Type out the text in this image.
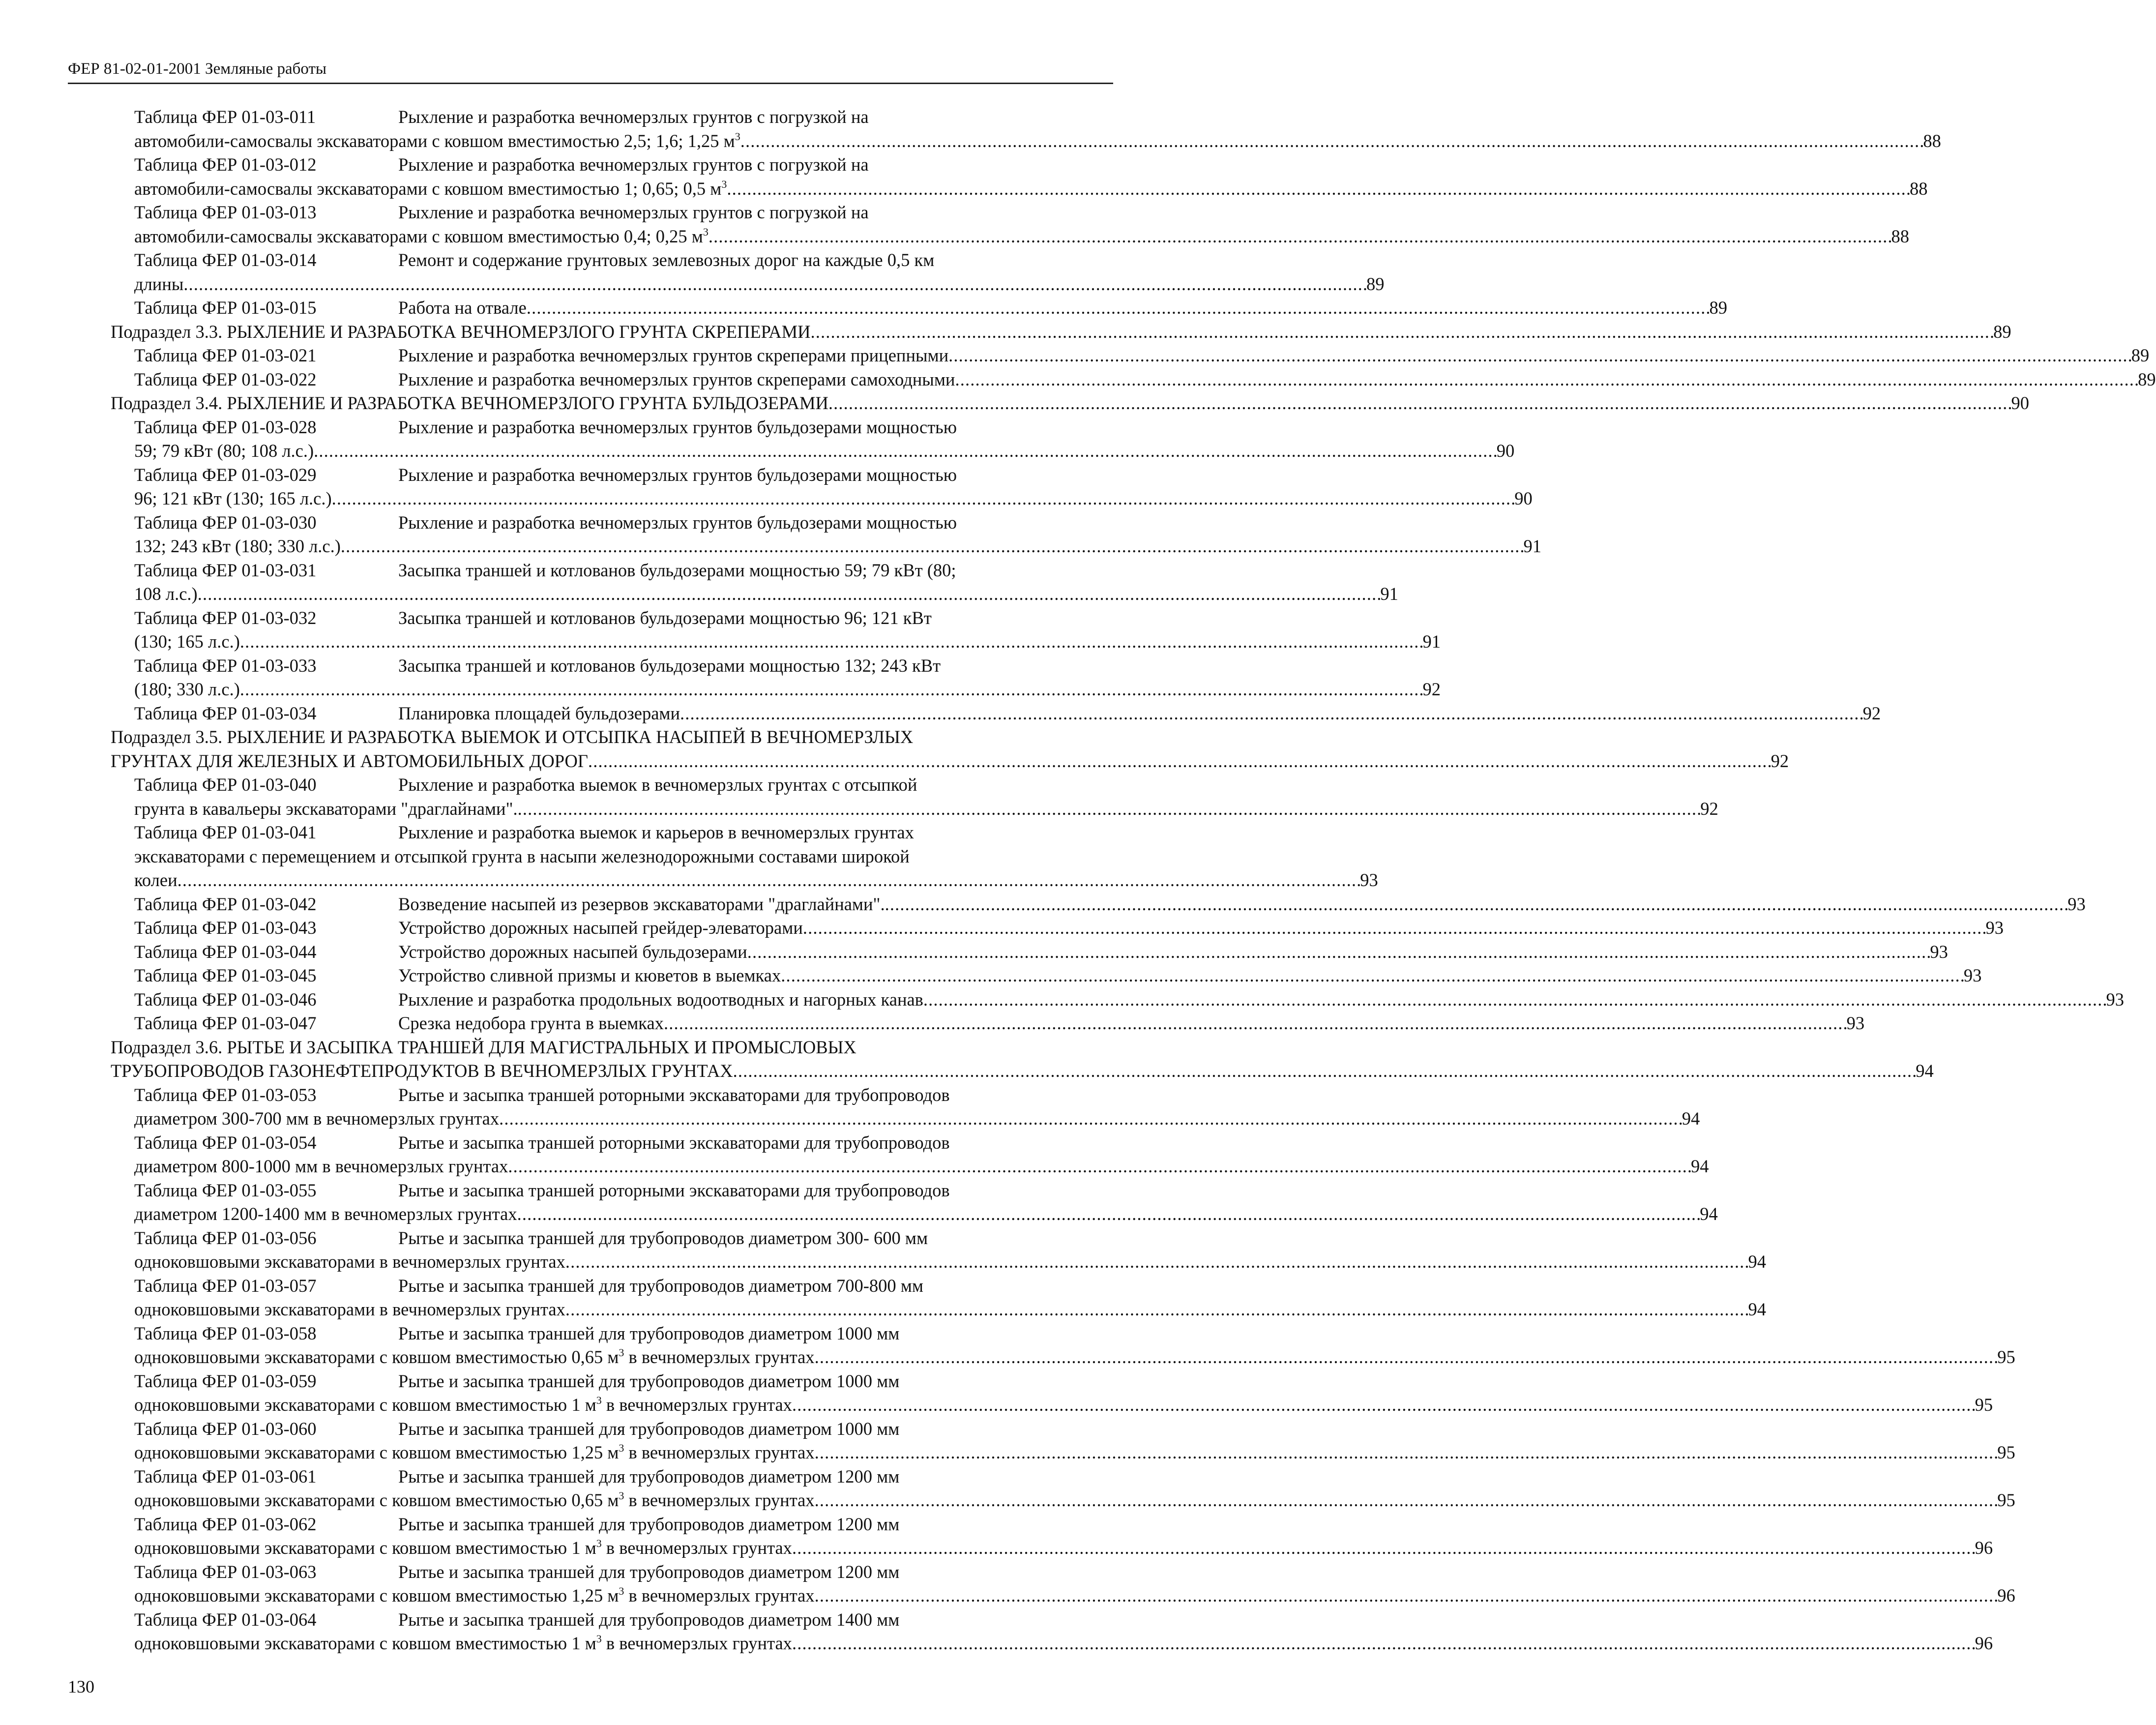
ФЕР 81-02-01-2001 Земляные работы
Таблица ФЕР 01-03-011	Рыхление и разработка вечномерзлых грунтов с погрузкой на
автомобили-самосвалы экскаваторами с ковшом вместимостью 2,5; 1,6; 1,25 $м^3$ . . .	88
Таблица ФЕР 01-03-012	Рыхление и разработка вечномерзлых грунтов с погрузкой на
автомобили-самосвалы экскаваторами с ковшом вместимостью 1; 0,65; 0,5 $м^3$ . . .	88
Таблица ФЕР 01-03-013	Рыхление и разработка вечномерзлых грунтов с погрузкой на
автомобили-самосвалы экскаваторами с ковшом вместимостью 0,4; 0,25 $м^3$ . . .	88
Таблица ФЕР 01-03-014	Ремонт и содержание грунтовых землевозных дорог на каждые 0,5 км
длины . . .	89
Таблица ФЕР 01-03-015	Работа на отвале . . .	89
Подраздел 3.3. РЫХЛЕНИЕ И РАЗРАБОТКА ВЕЧНОМЕРЗЛОГО ГРУНТА СКРЕПЕРАМИ . . .	89
Таблица ФЕР 01-03-021	Рыхление и разработка вечномерзлых грунтов скреперами прицепными . . .	89
Таблица ФЕР 01-03-022	Рыхление и разработка вечномерзлых грунтов скреперами самоходными . . .	89
Подраздел 3.4. РЫХЛЕНИЕ И РАЗРАБОТКА ВЕЧНОМЕРЗЛОГО ГРУНТА БУЛЬДОЗЕРАМИ . . .	90
Таблица ФЕР 01-03-028	Рыхление и разработка вечномерзлых грунтов бульдозерами мощностью
59; 79 кВт (80; 108 л.с.) . . .	90
Таблица ФЕР 01-03-029	Рыхление и разработка вечномерзлых грунтов бульдозерами мощностью
96; 121 кВт (130; 165 л.с.) . . .	90
Таблица ФЕР 01-03-030	Рыхление и разработка вечномерзлых грунтов бульдозерами мощностью
132; 243 кВт (180; 330 л.с.) . . .	91
Таблица ФЕР 01-03-031	Засыпка траншей и котлованов бульдозерами мощностью 59; 79 кВт (80;
108 л.с.) . . .	91
Таблица ФЕР 01-03-032	Засыпка траншей и котлованов бульдозерами мощностью 96; 121 кВт
(130; 165 л.с.) . . .	91
Таблица ФЕР 01-03-033	Засыпка траншей и котлованов бульдозерами мощностью 132; 243 кВт
(180; 330 л.с.) . . .	92
Таблица ФЕР 01-03-034	Планировка площадей бульдозерами . . .	92
Подраздел 3.5. РЫХЛЕНИЕ И РАЗРАБОТКА ВЫЕМОК И ОТСЫПКА НАСЫПЕЙ В ВЕЧНОМЕРЗЛЫХ
ГРУНТАХ ДЛЯ ЖЕЛЕЗНЫХ И АВТОМОБИЛЬНЫХ ДОРОГ . . .	92
Таблица ФЕР 01-03-040	Рыхление и разработка выемок в вечномерзлых грунтах с отсыпкой
грунта в кавальеры экскаваторами "драглайнами". . . .	92
Таблица ФЕР 01-03-041	Рыхление и разработка выемок и карьеров в вечномерзлых грунтах
экскаваторами с перемещением и отсыпкой грунта в насыпи железнодорожными составами широкой
колеи . . .	93
Таблица ФЕР 01-03-042	Возведение насыпей из резервов экскаваторами "драглайнами". . . .	93
Таблица ФЕР 01-03-043	Устройство дорожных насыпей грейдер-элеваторами . . .	93
Таблица ФЕР 01-03-044	Устройство дорожных насыпей бульдозерами . . .	93
Таблица ФЕР 01-03-045	Устройство сливной призмы и кюветов в выемках . . .	93
Таблица ФЕР 01-03-046	Рыхление и разработка продольных водоотводных и нагорных канав . . .	93
Таблица ФЕР 01-03-047	Срезка недобора грунта в выемках . . .	93
Подраздел 3.6. РЫТЬЕ И ЗАСЫПКА ТРАНШЕЙ ДЛЯ МАГИСТРАЛЬНЫХ И ПРОМЫСЛОВЫХ
ТРУБОПРОВОДОВ ГАЗОНЕФТЕПРОДУКТОВ В ВЕЧНОМЕРЗЛЫХ ГРУНТАХ . . .	94
Таблица ФЕР 01-03-053	Рытье и засыпка траншей роторными экскаваторами для трубопроводов
диаметром 300-700 мм в вечномерзлых грунтах . . .	94
Таблица ФЕР 01-03-054	Рытье и засыпка траншей роторными экскаваторами для трубопроводов
диаметром 800-1000 мм в вечномерзлых грунтах . . .	94
Таблица ФЕР 01-03-055	Рытье и засыпка траншей роторными экскаваторами для трубопроводов
диаметром 1200-1400 мм в вечномерзлых грунтах . . .	94
Таблица ФЕР 01-03-056	Рытье и засыпка траншей для трубопроводов диаметром 300- 600 мм
одноковшовыми экскаваторами в вечномерзлых грунтах . . .	94
Таблица ФЕР 01-03-057	Рытье и засыпка траншей для трубопроводов диаметром 700-800 мм
одноковшовыми экскаваторами в вечномерзлых грунтах . . .	94
Таблица ФЕР 01-03-058	Рытье и засыпка траншей для трубопроводов диаметром 1000 мм
одноковшовыми экскаваторами с ковшом вместимостью 0,65 $м^3$ в вечномерзлых грунтах . . .	95
Таблица ФЕР 01-03-059	Рытье и засыпка траншей для трубопроводов диаметром 1000 мм
одноковшовыми экскаваторами с ковшом вместимостью 1 $м^3$ в вечномерзлых грунтах . . .	95
Таблица ФЕР 01-03-060	Рытье и засыпка траншей для трубопроводов диаметром 1000 мм
одноковшовыми экскаваторами с ковшом вместимостью 1,25 $м^3$ в вечномерзлых грунтах . . .	95
Таблица ФЕР 01-03-061	Рытье и засыпка траншей для трубопроводов диаметром 1200 мм
одноковшовыми экскаваторами с ковшом вместимостью 0,65 $м^3$ в вечномерзлых грунтах . . .	95
Таблица ФЕР 01-03-062	Рытье и засыпка траншей для трубопроводов диаметром 1200 мм
одноковшовыми экскаваторами с ковшом вместимостью 1 $м^3$ в вечномерзлых грунтах . . .	96
Таблица ФЕР 01-03-063	Рытье и засыпка траншей для трубопроводов диаметром 1200 мм
одноковшовыми экскаваторами с ковшом вместимостью 1,25 $м^3$ в вечномерзлых грунтах . . .	96
Таблица ФЕР 01-03-064	Рытье и засыпка траншей для трубопроводов диаметром 1400 мм
одноковшовыми экскаваторами с ковшом вместимостью 1 $м^3$ в вечномерзлых грунтах . . .	96
130
